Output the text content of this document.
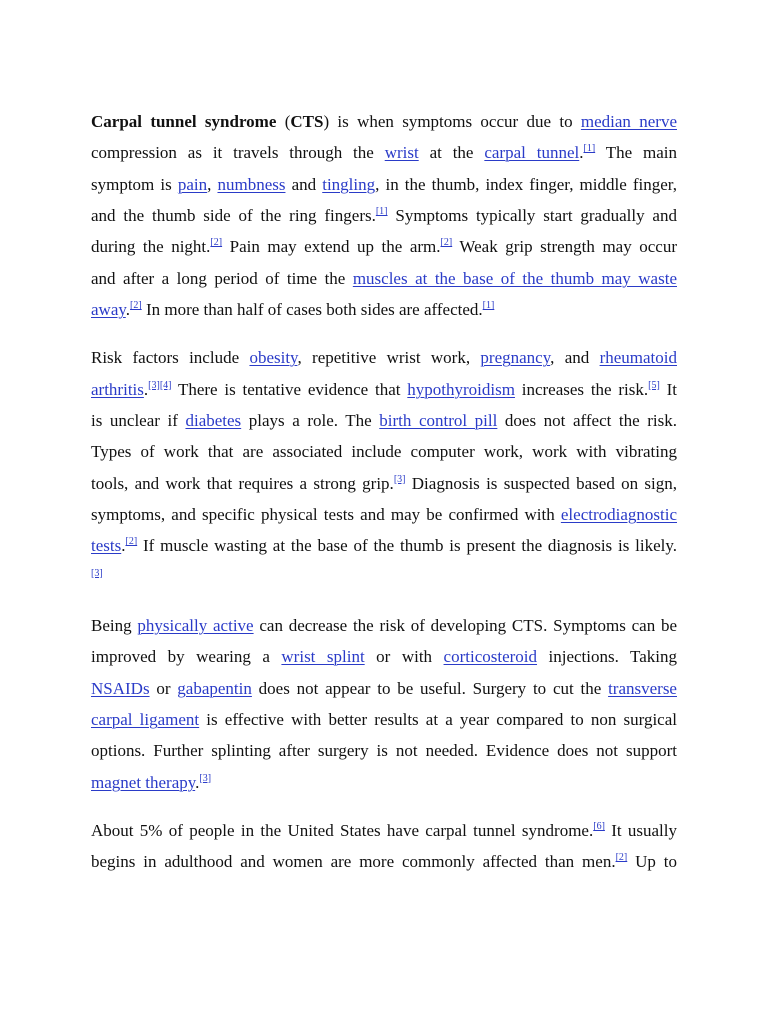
Carpal tunnel syndrome (CTS) is when symptoms occur due to median nerve
compression as it travels through the wrist at the carpal tunnel.[1] The main
symptom is pain, numbness and tingling, in the thumb, index finger, middle finger,
and the thumb side of the ring fingers.[1] Symptoms typically start gradually and
during the night.[2] Pain may extend up the arm.[2] Weak grip strength may occur
and after a long period of time the muscles at the base of the thumb may waste
away.[2] In more than half of cases both sides are affected.[1]
Risk factors include obesity, repetitive wrist work, pregnancy, and rheumatoid
arthritis.[3][4] There is tentative evidence that hypothyroidism increases the risk.[5] It
is unclear if diabetes plays a role. The birth control pill does not affect the risk.
Types of work that are associated include computer work, work with vibrating
tools, and work that requires a strong grip.[3] Diagnosis is suspected based on sign,
symptoms, and specific physical tests and may be confirmed with electrodiagnostic
tests.[2] If muscle wasting at the base of the thumb is present the diagnosis is likely.
[3]
Being physically active can decrease the risk of developing CTS. Symptoms can be
improved by wearing a wrist splint or with corticosteroid injections. Taking
NSAIDs or gabapentin does not appear to be useful. Surgery to cut the transverse
carpal ligament is effective with better results at a year compared to non surgical
options. Further splinting after surgery is not needed. Evidence does not support
magnet therapy.[3]
About 5% of people in the United States have carpal tunnel syndrome.[6] It usually
begins in adulthood and women are more commonly affected than men.[2] Up to
